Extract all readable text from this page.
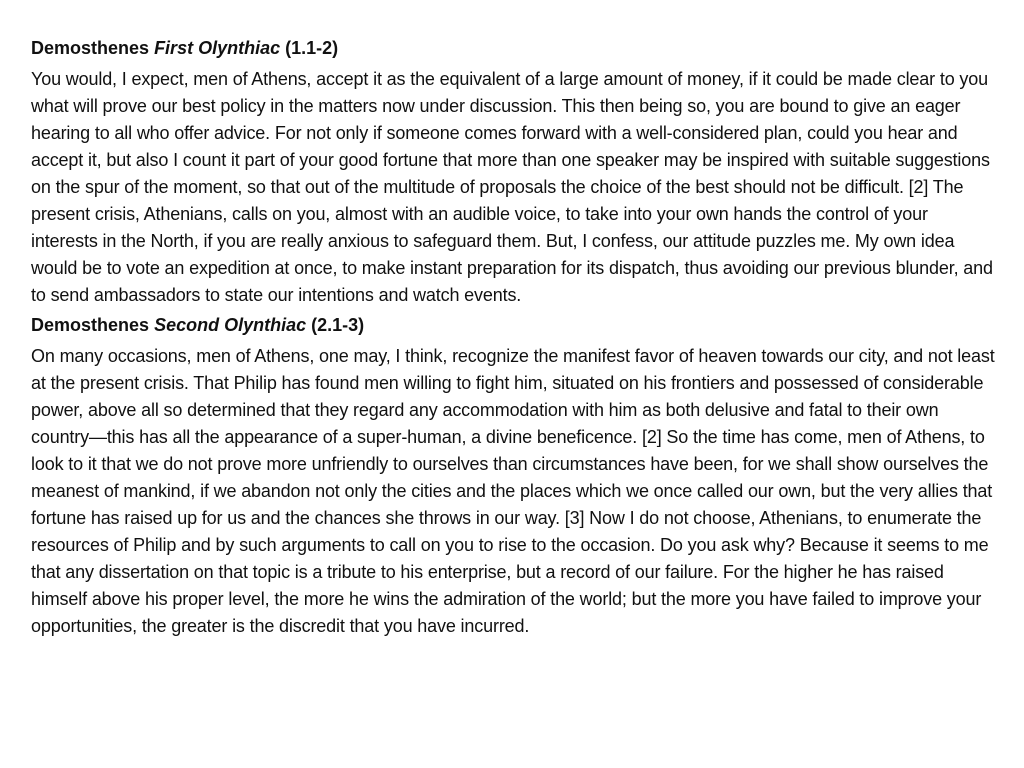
Demosthenes First Olynthiac (1.1-2)

You would, I expect, men of Athens, accept it as the equivalent of a large amount of money, if it could be made clear to you what will prove our best policy in the matters now under discussion. This then being so, you are bound to give an eager hearing to all who offer advice. For not only if someone comes forward with a well-considered plan, could you hear and accept it, but also I count it part of your good fortune that more than one speaker may be inspired with suitable suggestions on the spur of the moment, so that out of the multitude of proposals the choice of the best should not be difficult. [2] The present crisis, Athenians, calls on you, almost with an audible voice, to take into your own hands the control of your interests in the North, if you are really anxious to safeguard them. But, I confess, our attitude puzzles me. My own idea would be to vote an expedition at once, to make instant preparation for its dispatch, thus avoiding our previous blunder, and to send ambassadors to state our intentions and watch events.

Demosthenes Second Olynthiac (2.1-3)

On many occasions, men of Athens, one may, I think, recognize the manifest favor of heaven towards our city, and not least at the present crisis. That Philip has found men willing to fight him, situated on his frontiers and possessed of considerable power, above all so determined that they regard any accommodation with him as both delusive and fatal to their own country—this has all the appearance of a super-human, a divine beneficence. [2] So the time has come, men of Athens, to look to it that we do not prove more unfriendly to ourselves than circumstances have been, for we shall show ourselves the meanest of mankind, if we abandon not only the cities and the places which we once called our own, but the very allies that fortune has raised up for us and the chances she throws in our way. [3] Now I do not choose, Athenians, to enumerate the resources of Philip and by such arguments to call on you to rise to the occasion. Do you ask why? Because it seems to me that any dissertation on that topic is a tribute to his enterprise, but a record of our failure. For the higher he has raised himself above his proper level, the more he wins the admiration of the world; but the more you have failed to improve your opportunities, the greater is the discredit that you have incurred.
